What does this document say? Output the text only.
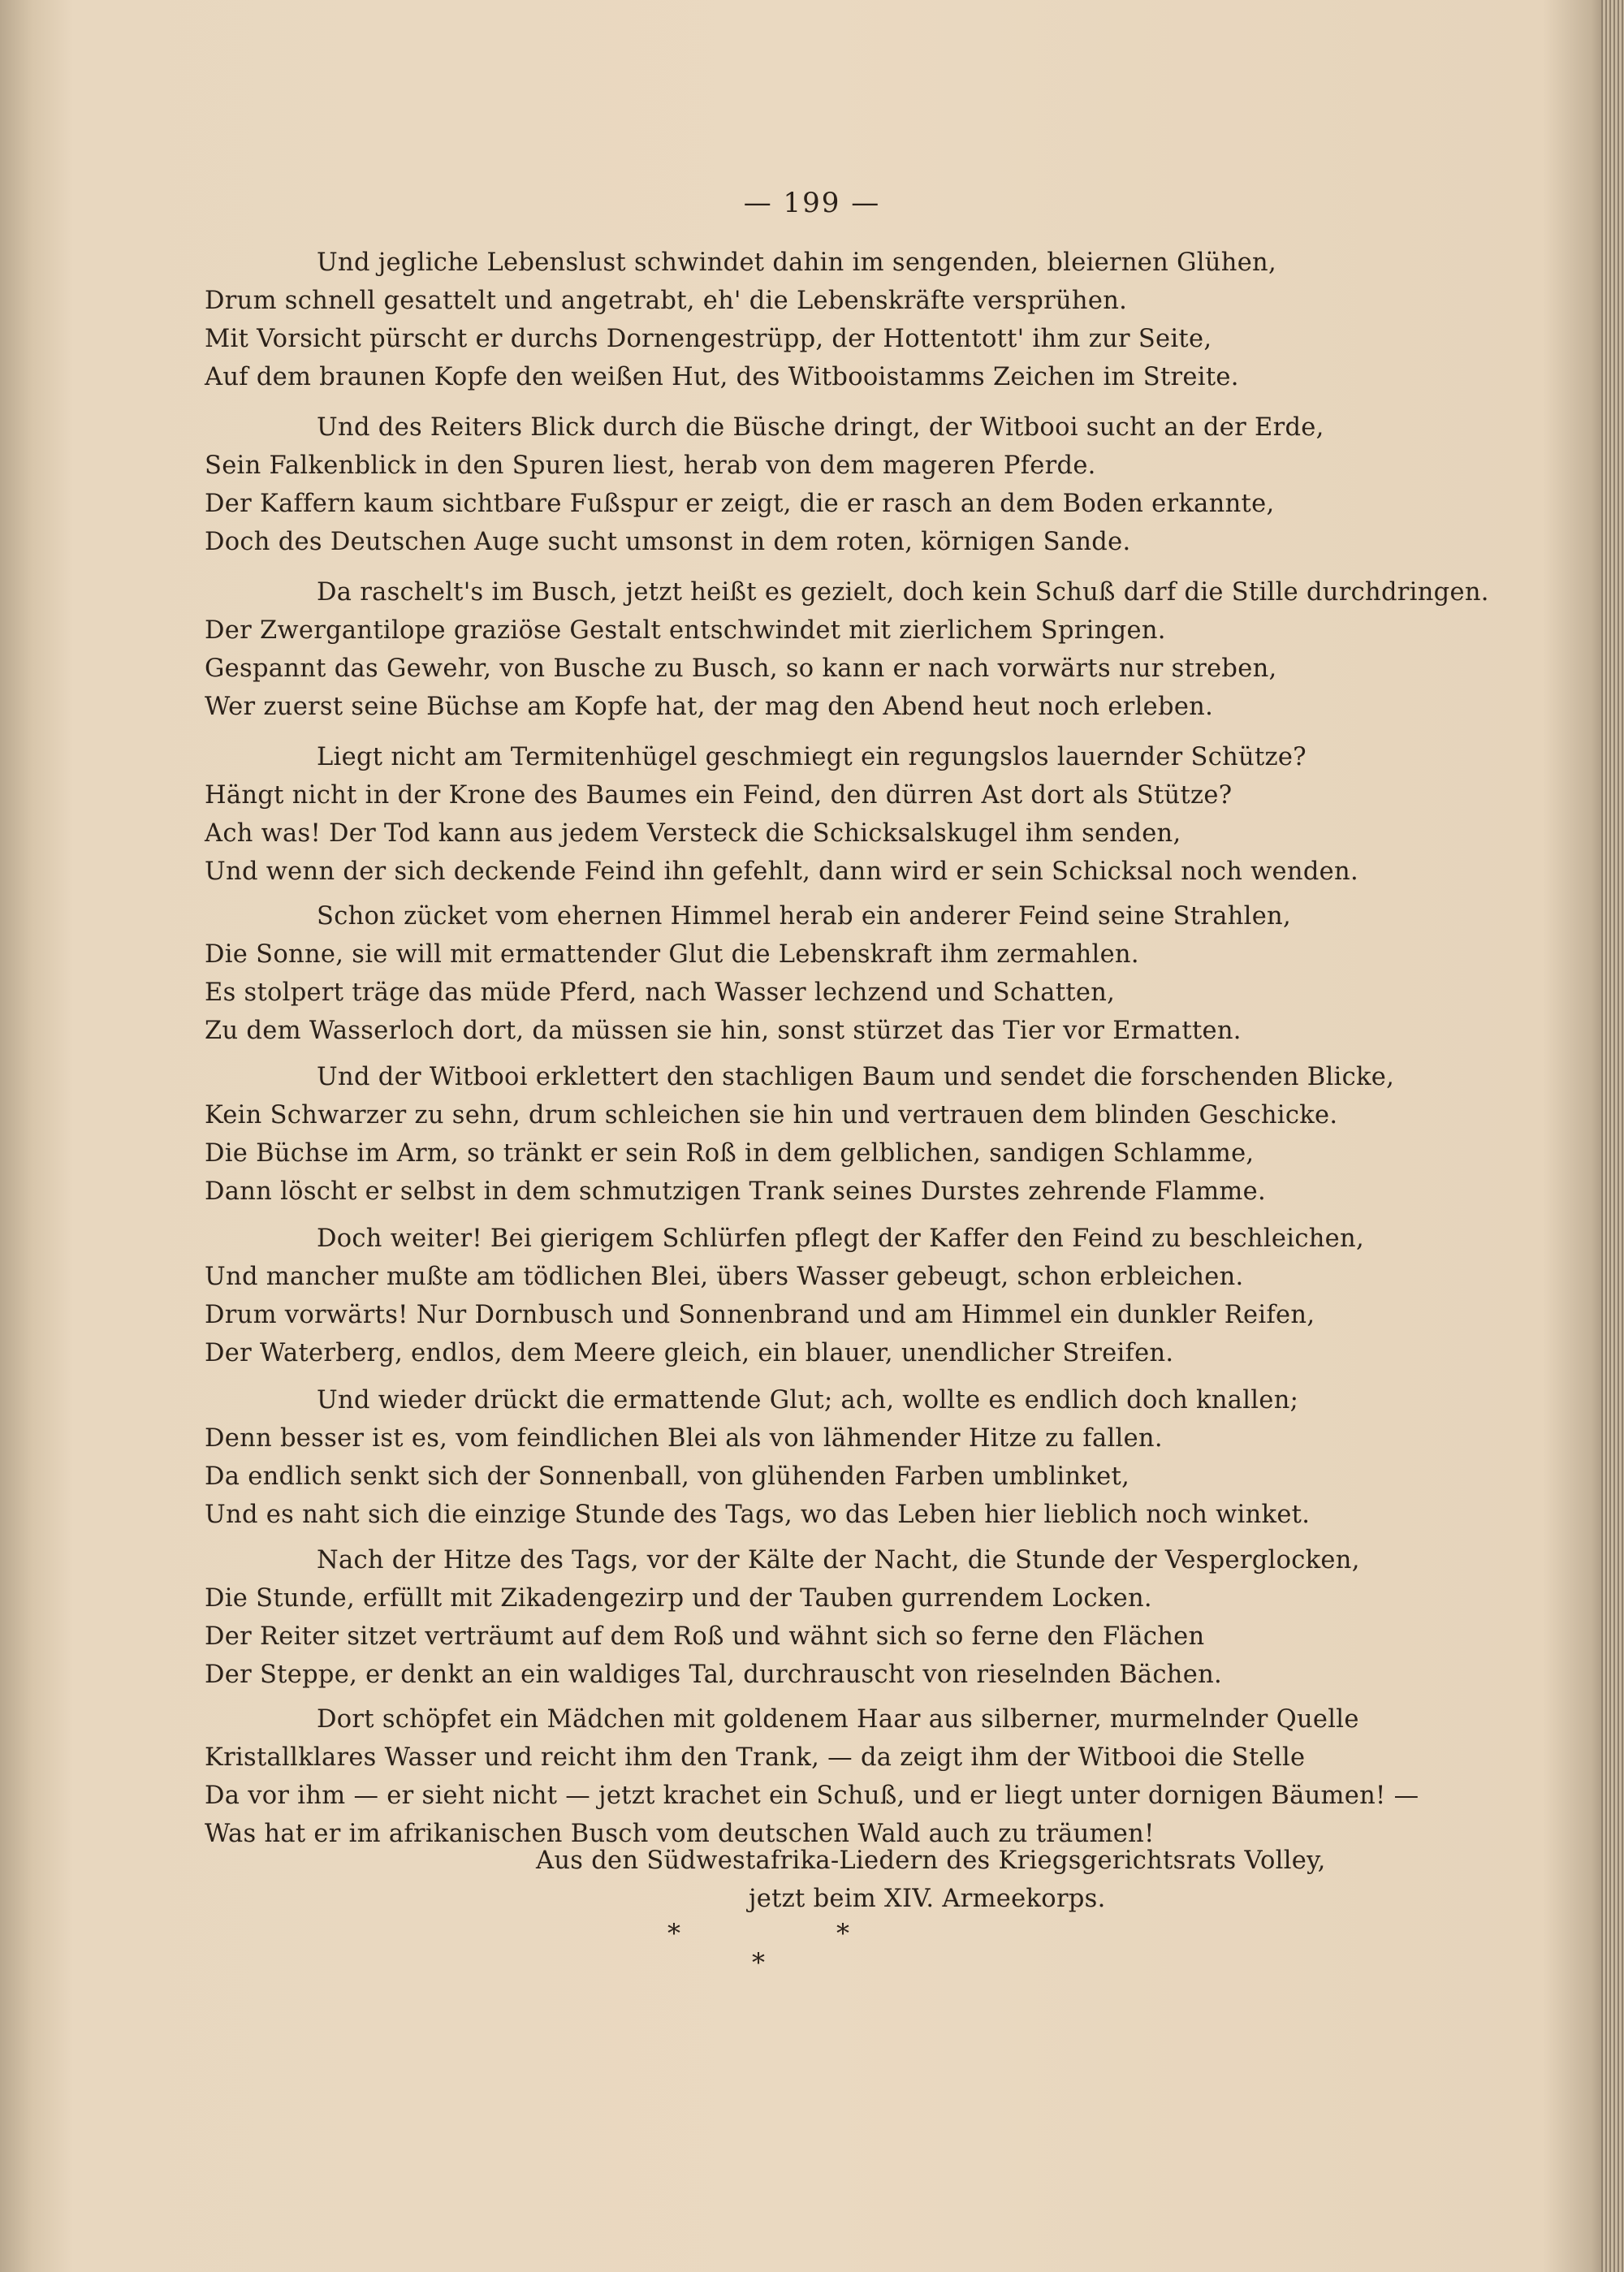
— 199 —
Und jegliche Lebenslust schwindet dahin im sengenden, bleiernen Glühen,
Drum schnell gesattelt und angetrabt, eh' die Lebenskräfte versprühen.
Mit Vorsicht pürscht er durchs Dornengestrüpp, der Hottentott' ihm zur Seite,
Auf dem braunen Kopfe den weißen Hut, des Witbooistamms Zeichen im Streite.
Und des Reiters Blick durch die Büsche dringt, der Witbooi sucht an der Erde,
Sein Falkenblick in den Spuren liest, herab von dem mageren Pferde.
Der Kaffern kaum sichtbare Fußspur er zeigt, die er rasch an dem Boden erkannte,
Doch des Deutschen Auge sucht umsonst in dem roten, körnigen Sande.
Da raschelt's im Busch, jetzt heißt es gezielt, doch kein Schuß darf die Stille durchdringen.
Der Zwergantilope graziöse Gestalt entschwindet mit zierlichem Springen.
Gespannt das Gewehr, von Busche zu Busch, so kann er nach vorwärts nur streben,
Wer zuerst seine Büchse am Kopfe hat, der mag den Abend heut noch erleben.
Liegt nicht am Termitenhügel geschmiegt ein regungslos lauernder Schütze?
Hängt nicht in der Krone des Baumes ein Feind, den dürren Ast dort als Stütze?
Ach was! Der Tod kann aus jedem Versteck die Schicksalskugel ihm senden,
Und wenn der sich deckende Feind ihn gefehlt, dann wird er sein Schicksal noch wenden.
Schon zücket vom ehernen Himmel herab ein anderer Feind seine Strahlen,
Die Sonne, sie will mit ermattender Glut die Lebenskraft ihm zermahlen.
Es stolpert träge das müde Pferd, nach Wasser lechzend und Schatten,
Zu dem Wasserloch dort, da müssen sie hin, sonst stürzet das Tier vor Ermatten.
Und der Witbooi erklettert den stachligen Baum und sendet die forschenden Blicke,
Kein Schwarzer zu sehn, drum schleichen sie hin und vertrauen dem blinden Geschicke.
Die Büchse im Arm, so tränkt er sein Roß in dem gelblichen, sandigen Schlamme,
Dann löscht er selbst in dem schmutzigen Trank seines Durstes zehrende Flamme.
Doch weiter! Bei gierigem Schlürfen pflegt der Kaffer den Feind zu beschleichen,
Und mancher mußte am tödlichen Blei, übers Wasser gebeugt, schon erbleichen.
Drum vorwärts! Nur Dornbusch und Sonnenbrand und am Himmel ein dunkler Reifen,
Der Waterberg, endlos, dem Meere gleich, ein blauer, unendlicher Streifen.
Und wieder drückt die ermattende Glut; ach, wollte es endlich doch knallen;
Denn besser ist es, vom feindlichen Blei als von lähmender Hitze zu fallen.
Da endlich senkt sich der Sonnenball, von glühenden Farben umblinket,
Und es naht sich die einzige Stunde des Tags, wo das Leben hier lieblich noch winket.
Nach der Hitze des Tags, vor der Kälte der Nacht, die Stunde der Vesperglocken,
Die Stunde, erfüllt mit Zikadengezirp und der Tauben gurrendem Locken.
Der Reiter sitzet verträumt auf dem Roß und wähnt sich so ferne den Flächen
Der Steppe, er denkt an ein waldiges Tal, durchrauscht von rieselnden Bächen.
Dort schöpfet ein Mädchen mit goldenem Haar aus silberner, murmelnder Quelle
Kristallklares Wasser und reicht ihm den Trank, — da zeigt ihm der Witbooi die Stelle
Da vor ihm — er sieht nicht — jetzt krachet ein Schuß, und er liegt unter dornigen Bäumen! —
Was hat er im afrikanischen Busch vom deutschen Wald auch zu träumen!
Aus den Südwestafrika-Liedern des Kriegsgerichtsrats Volley,
jetzt beim XIV. Armeekorps.
*	*
*
